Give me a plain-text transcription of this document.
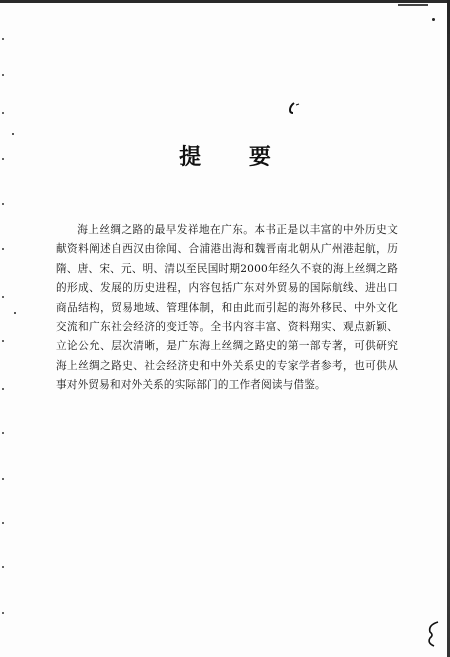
提 要

海上丝绸之路的最早发祥地在广东。本书正是以丰富的中外历史文献资料阐述自西汉由徐闻、合浦港出海和魏晋南北朝从广州港起航，历隋、唐、宋、元、明、清以至民国时期2000年经久不衰的海上丝绸之路的形成、发展的历史进程，内容包括广东对外贸易的国际航线、进出口商品结构，贸易地域、管理体制，和由此而引起的海外移民、中外文化交流和广东社会经济的变迁等。全书内容丰富、资料翔实、观点新颖、立论公允、层次清晰，是广东海上丝绸之路史的第一部专著，可供研究海上丝绸之路史、社会经济史和中外关系史的专家学者参考，也可供从事对外贸易和对外关系的实际部门的工作者阅读与借鉴。
